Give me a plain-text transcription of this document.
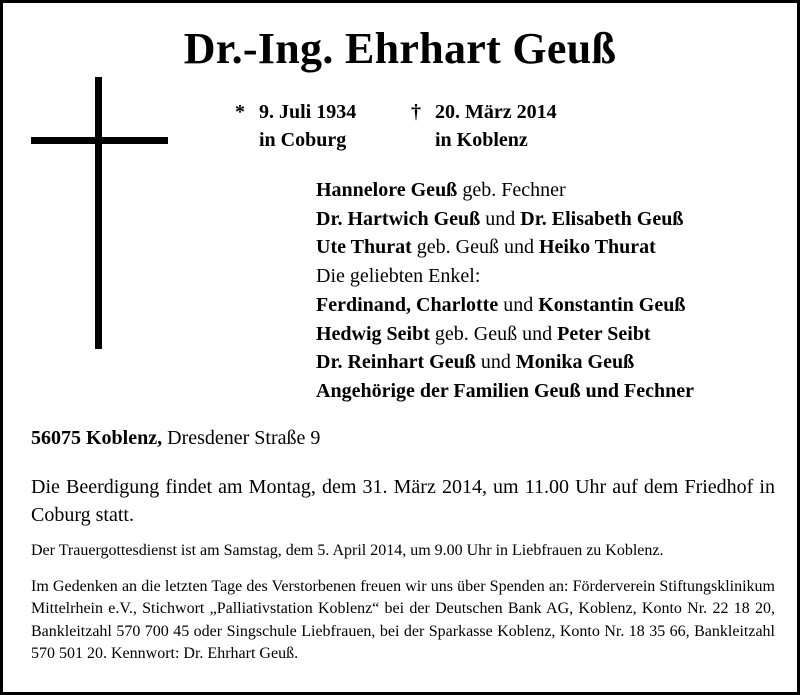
Dr.-Ing. Ehrhart Geuß
* 9. Juli 1934
in Coburg
† 20. März 2014
in Koblenz
Hannelore Geuß geb. Fechner
Dr. Hartwich Geuß und Dr. Elisabeth Geuß
Ute Thurat geb. Geuß und Heiko Thurat
Die geliebten Enkel:
Ferdinand, Charlotte und Konstantin Geuß
Hedwig Seibt geb. Geuß und Peter Seibt
Dr. Reinhart Geuß und Monika Geuß
Angehörige der Familien Geuß und Fechner
56075 Koblenz, Dresdener Straße 9
Die Beerdigung findet am Montag, dem 31. März 2014, um 11.00 Uhr auf dem Friedhof in Coburg statt.
Der Trauergottesdienst ist am Samstag, dem 5. April 2014, um 9.00 Uhr in Liebfrauen zu Koblenz.
Im Gedenken an die letzten Tage des Verstorbenen freuen wir uns über Spenden an: Förderverein Stiftungsklinikum Mittelrhein e.V., Stichwort „Palliativstation Koblenz“ bei der Deutschen Bank AG, Koblenz, Konto Nr. 22 18 20, Bankleitzahl 570 700 45 oder Singschule Liebfrauen, bei der Sparkasse Koblenz, Konto Nr. 18 35 66, Bankleitzahl 570 501 20. Kennwort: Dr. Ehrhart Geuß.
